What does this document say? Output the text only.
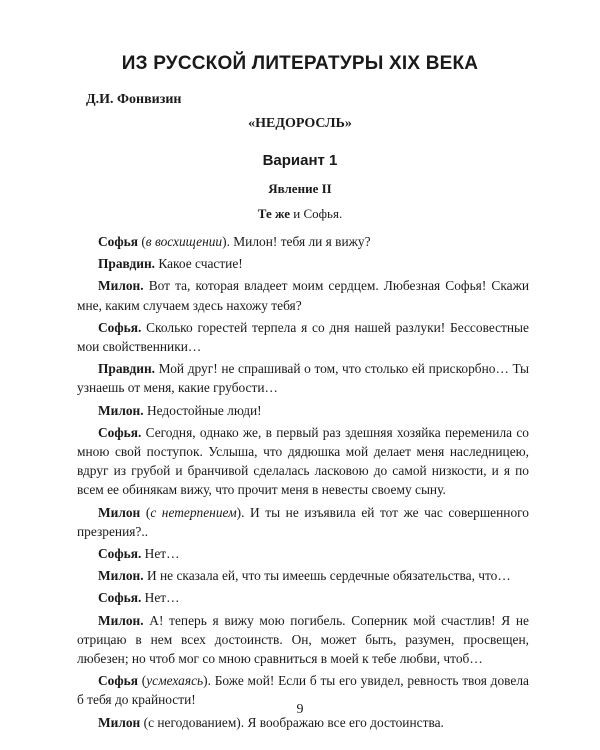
ИЗ РУССКОЙ ЛИТЕРАТУРЫ XIX ВЕКА

Д.И. Фонвизин

«НЕДОРОСЛЬ»

Вариант 1

Явление II

Те же и Софья.

Софья (в восхищении). Милон! тебя ли я вижу?

Правдин. Какое счастие!

Милон. Вот та, которая владеет моим сердцем. Любезная Софья! Скажи мне, каким случаем здесь нахожу тебя?

Софья. Сколько горестей терпела я со дня нашей разлуки! Бессовестные мои свойственники…

Правдин. Мой друг! не спрашивай о том, что столько ей прискорбно… Ты узнаешь от меня, какие грубости…

Милон. Недостойные люди!

Софья. Сегодня, однако же, в первый раз здешняя хозяйка переменила со мною свой поступок. Услыша, что дядюшка мой делает меня наследницею, вдруг из грубой и бранчивой сделалась ласковою до самой низкости, и я по всем ее обинякам вижу, что прочит меня в невесты своему сыну.

Милон (с нетерпением). И ты не изъявила ей тот же час совершенного презрения?..

Софья. Нет…

Милон. И не сказала ей, что ты имеешь сердечные обязательства, что…

Софья. Нет…

Милон. А! теперь я вижу мою погибель. Соперник мой счастлив! Я не отрицаю в нем всех достоинств. Он, может быть, разумен, просвещен, любезен; но чтоб мог со мною сравниться в моей к тебе любви, чтоб…

Софья (усмехаясь). Боже мой! Если б ты его увидел, ревность твоя довела б тебя до крайности!

Милон (с негодованием). Я воображаю все его достоинства.

9
